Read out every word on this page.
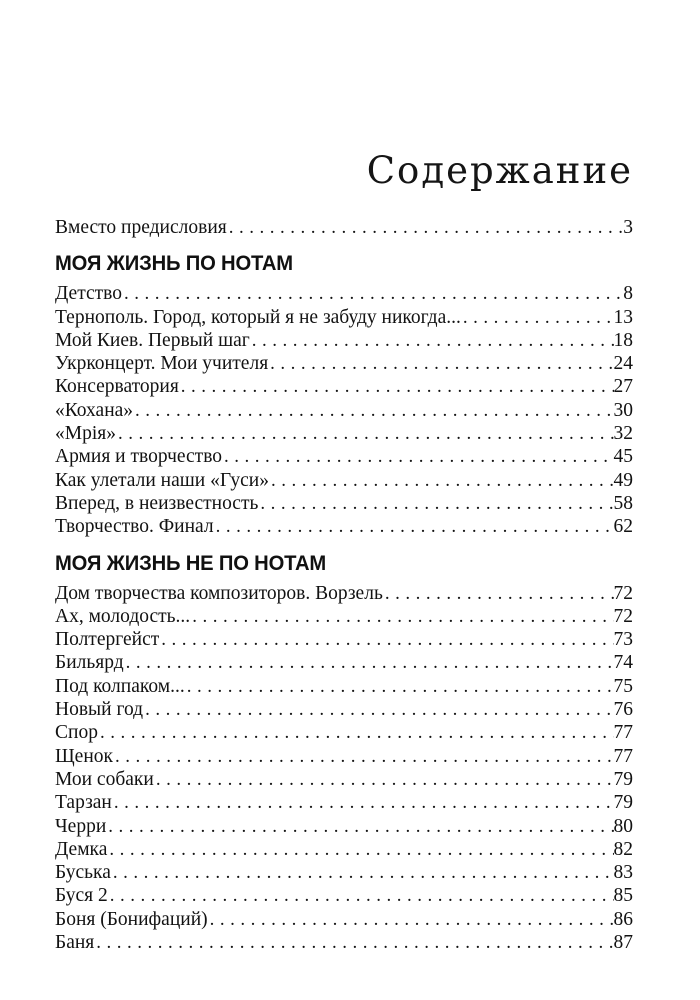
Содержание
Вместо предисловия .....	3
МОЯ ЖИЗНЬ ПО НОТАМ
Детство .....	8
Тернополь. Город, который я не забуду никогда... .....	13
Мой Киев. Первый шаг .....	18
Укрконцерт. Мои учителя .....	24
Консерватория .....	27
«Кохана» .....	30
«Мрія» .....	32
Армия и творчество .....	45
Как улетали наши «Гуси» .....	49
Вперед, в неизвестность .....	58
Творчество. Финал .....	62
МОЯ ЖИЗНЬ НЕ ПО НОТАМ
Дом творчества композиторов. Ворзель .....	72
Ах, молодость... .....	72
Полтергейст .....	73
Бильярд .....	74
Под колпаком... .....	75
Новый год .....	76
Спор .....	77
Щенок .....	77
Мои собаки .....	79
Тарзан .....	79
Черри .....	80
Демка .....	82
Буська .....	83
Буся 2 .....	85
Боня (Бонифаций) .....	86
Баня .....	87
